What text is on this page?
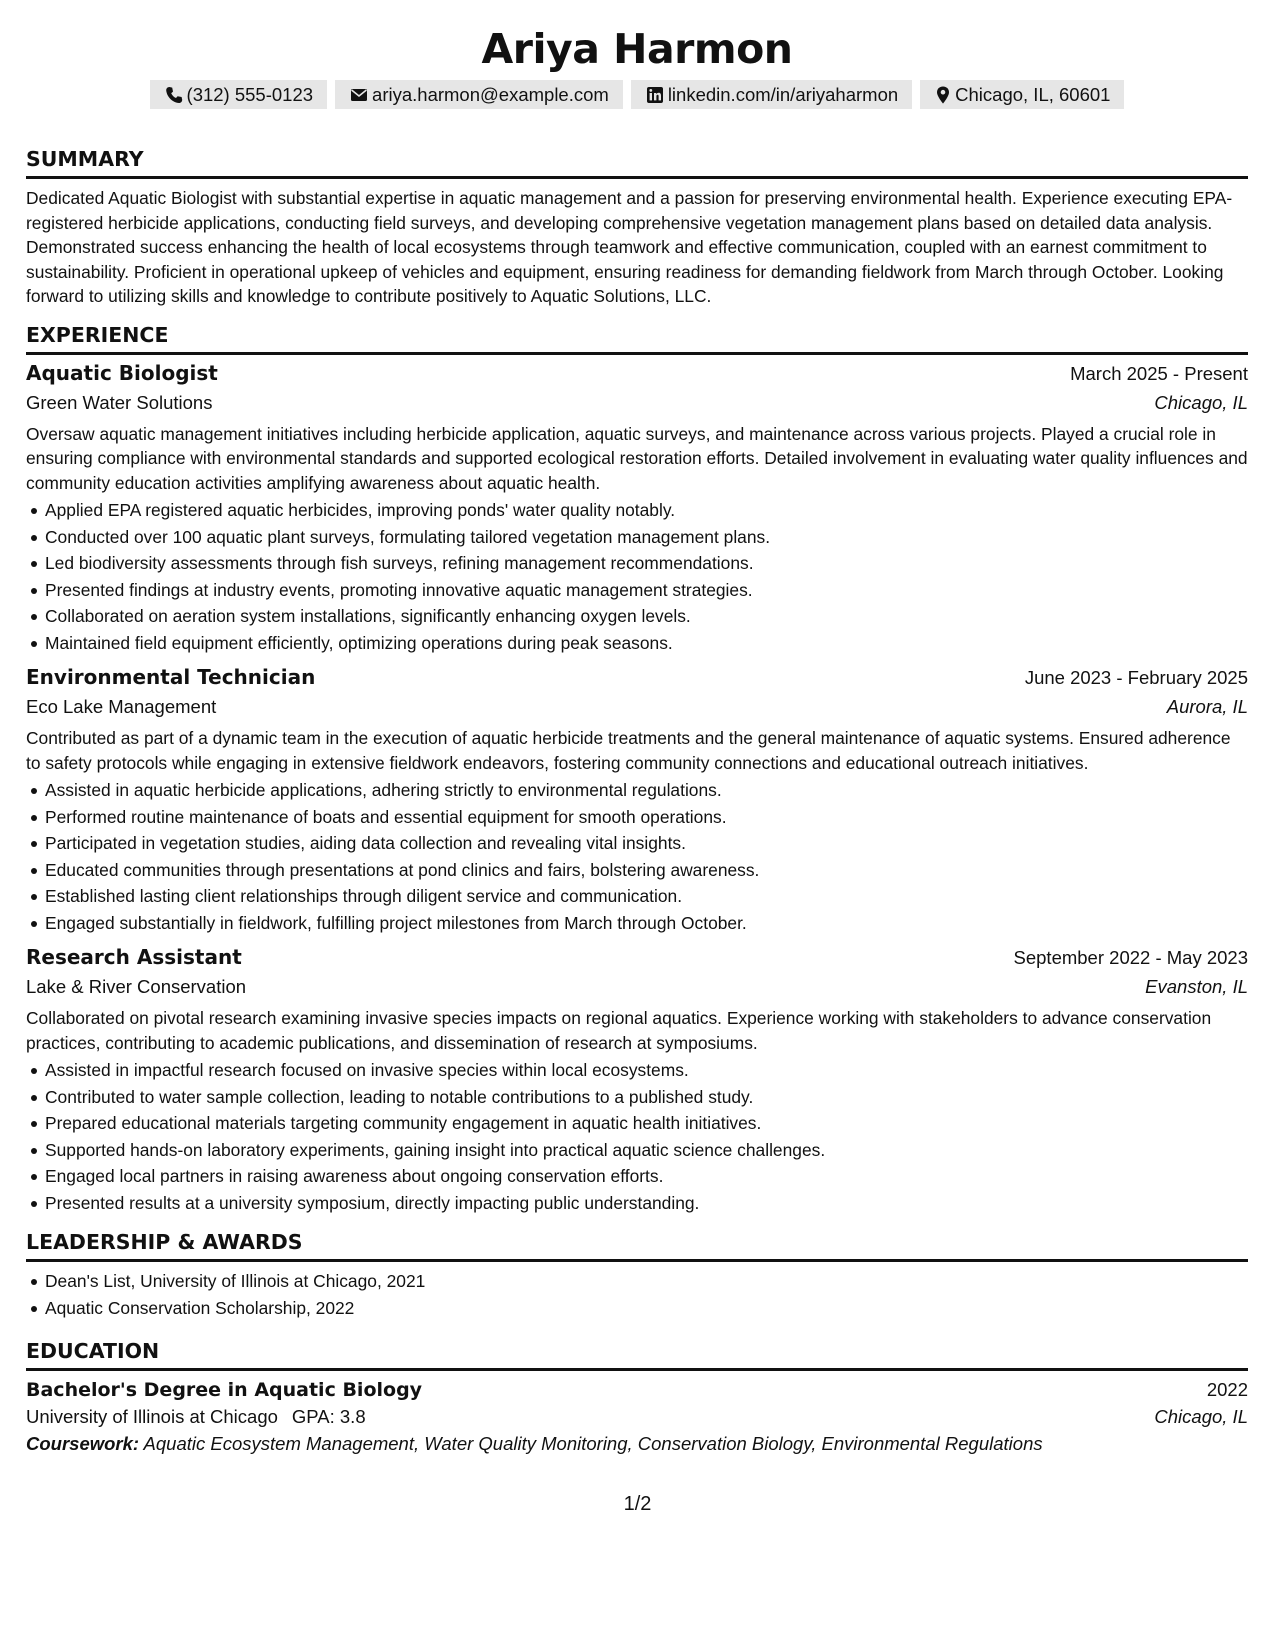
Ariya Harmon
(312) 555-0123	ariya.harmon@example.com	linkedin.com/in/ariyaharmon	Chicago, IL, 60601
SUMMARY
Dedicated Aquatic Biologist with substantial expertise in aquatic management and a passion for preserving environmental health. Experience executing EPA-registered herbicide applications, conducting field surveys, and developing comprehensive vegetation management plans based on detailed data analysis. Demonstrated success enhancing the health of local ecosystems through teamwork and effective communication, coupled with an earnest commitment to sustainability. Proficient in operational upkeep of vehicles and equipment, ensuring readiness for demanding fieldwork from March through October. Looking forward to utilizing skills and knowledge to contribute positively to Aquatic Solutions, LLC.
EXPERIENCE
Aquatic Biologist	March 2025 - Present
Green Water Solutions	Chicago, IL
Oversaw aquatic management initiatives including herbicide application, aquatic surveys, and maintenance across various projects. Played a crucial role in ensuring compliance with environmental standards and supported ecological restoration efforts. Detailed involvement in evaluating water quality influences and community education activities amplifying awareness about aquatic health.
Applied EPA registered aquatic herbicides, improving ponds' water quality notably.
Conducted over 100 aquatic plant surveys, formulating tailored vegetation management plans.
Led biodiversity assessments through fish surveys, refining management recommendations.
Presented findings at industry events, promoting innovative aquatic management strategies.
Collaborated on aeration system installations, significantly enhancing oxygen levels.
Maintained field equipment efficiently, optimizing operations during peak seasons.
Environmental Technician	June 2023 - February 2025
Eco Lake Management	Aurora, IL
Contributed as part of a dynamic team in the execution of aquatic herbicide treatments and the general maintenance of aquatic systems. Ensured adherence to safety protocols while engaging in extensive fieldwork endeavors, fostering community connections and educational outreach initiatives.
Assisted in aquatic herbicide applications, adhering strictly to environmental regulations.
Performed routine maintenance of boats and essential equipment for smooth operations.
Participated in vegetation studies, aiding data collection and revealing vital insights.
Educated communities through presentations at pond clinics and fairs, bolstering awareness.
Established lasting client relationships through diligent service and communication.
Engaged substantially in fieldwork, fulfilling project milestones from March through October.
Research Assistant	September 2022 - May 2023
Lake & River Conservation	Evanston, IL
Collaborated on pivotal research examining invasive species impacts on regional aquatics. Experience working with stakeholders to advance conservation practices, contributing to academic publications, and dissemination of research at symposiums.
Assisted in impactful research focused on invasive species within local ecosystems.
Contributed to water sample collection, leading to notable contributions to a published study.
Prepared educational materials targeting community engagement in aquatic health initiatives.
Supported hands-on laboratory experiments, gaining insight into practical aquatic science challenges.
Engaged local partners in raising awareness about ongoing conservation efforts.
Presented results at a university symposium, directly impacting public understanding.
LEADERSHIP & AWARDS
Dean's List, University of Illinois at Chicago, 2021
Aquatic Conservation Scholarship, 2022
EDUCATION
Bachelor's Degree in Aquatic Biology	2022
University of Illinois at Chicago GPA: 3.8	Chicago, IL
Coursework: Aquatic Ecosystem Management, Water Quality Monitoring, Conservation Biology, Environmental Regulations
1/2
